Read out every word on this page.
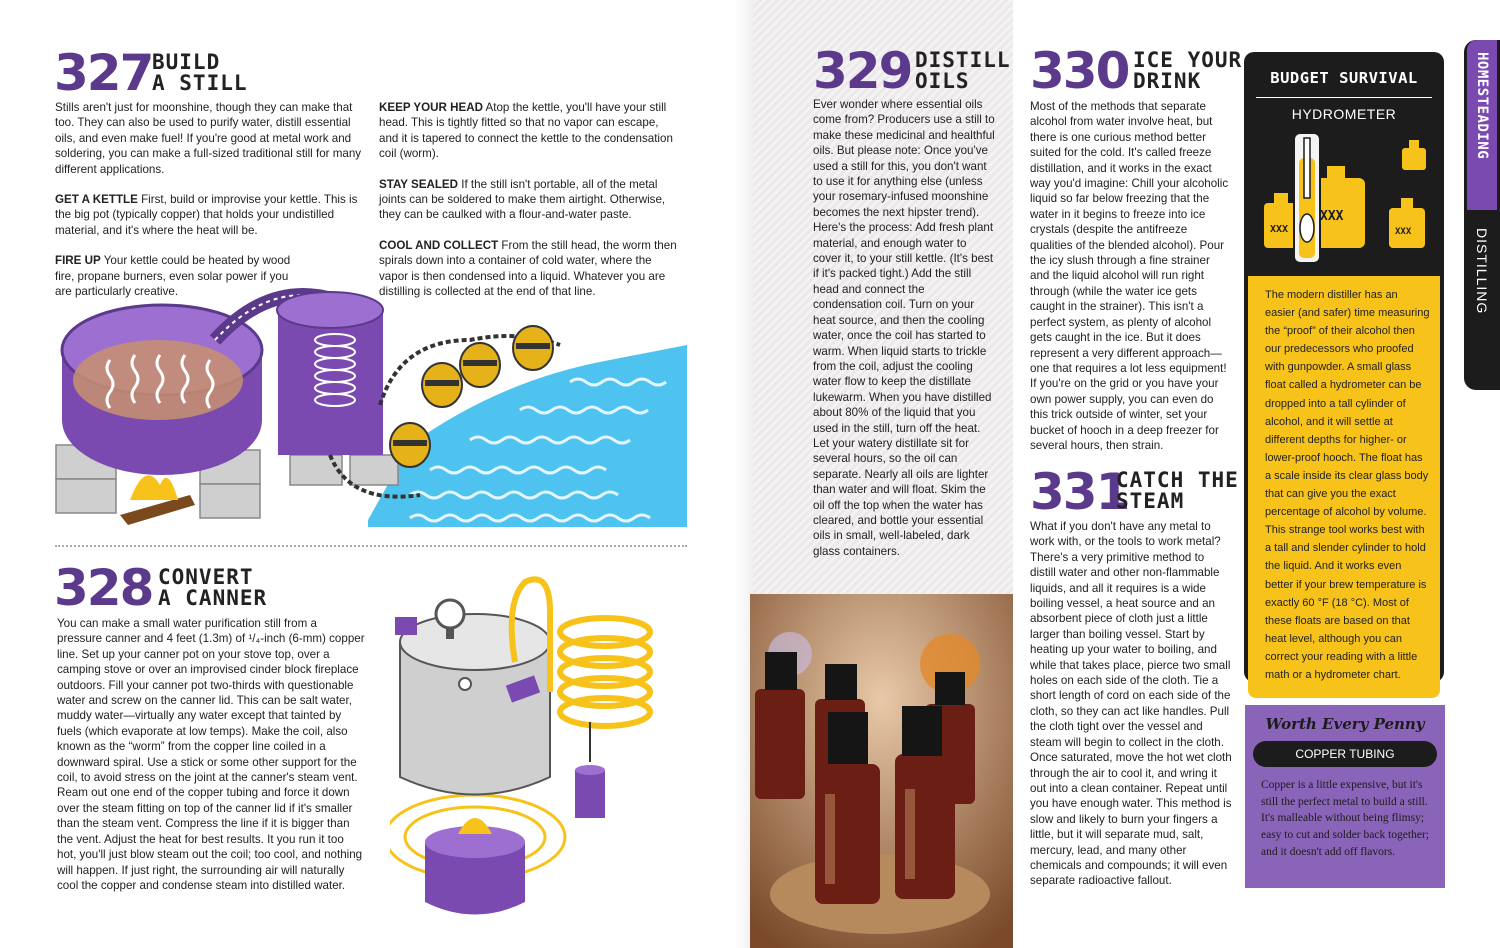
327 BUILD
A STILL

Stills aren't just for moonshine, though they can make that too. They can also be used to purify water, distill essential oils, and even make fuel! If you're good at metal work and soldering, you can make a full-sized traditional still for many different applications.

GET A KETTLE First, build or improvise your kettle. This is the big pot (typically copper) that holds your undistilled material, and it's where the heat will be.

FIRE UP Your kettle could be heated by wood fire, propane burners, even solar power if you are particularly creative.

KEEP YOUR HEAD Atop the kettle, you'll have your still head. This is tightly fitted so that no vapor can escape, and it is tapered to connect the kettle to the condensation coil (worm).

STAY SEALED If the still isn't portable, all of the metal joints can be soldered to make them airtight. Otherwise, they can be caulked with a flour-and-water paste.

COOL AND COLLECT From the still head, the worm then spirals down into a container of cold water, where the vapor is then condensed into a liquid. Whatever you are distilling is collected at the end of that line.

328 CONVERT
A CANNER
You can make a small water purification still from a pressure canner and 4 feet (1.3m) of ¹/₄-inch (6-mm) copper line. Set up your canner pot on your stove top, over a camping stove or over an improvised cinder block fireplace outdoors. Fill your canner pot two-thirds with questionable water and screw on the canner lid. This can be salt water, muddy water—virtually any water except that tainted by fuels (which evaporate at low temps). Make the coil, also known as the “worm” from the copper line coiled in a downward spiral. Use a stick or some other support for the coil, to avoid stress on the joint at the canner's steam vent. Ream out one end of the copper tubing and force it down over the steam fitting on top of the canner lid if it's smaller than the steam vent. Compress the line if it is bigger than the vent. Adjust the heat for best results. It you run it too hot, you'll just blow steam out the coil; too cool, and nothing will happen. If just right, the surrounding air will naturally cool the copper and condense steam into distilled water.
329 DISTILL
OILS
Ever wonder where essential oils come from? Producers use a still to make these medicinal and healthful oils. But please note: Once you've used a still for this, you don't want to use it for anything else (unless your rosemary-infused moonshine becomes the next hipster trend). Here's the process: Add fresh plant material, and enough water to cover it, to your still kettle. (It's best if it's packed tight.) Add the still head and connect the condensation coil. Turn on your heat source, and then the cooling water, once the coil has started to warm. When liquid starts to trickle from the coil, adjust the cooling water flow to keep the distillate lukewarm. When you have distilled about 80% of the liquid that you used in the still, turn off the heat. Let your watery distillate sit for several hours, so the oil can separate. Nearly all oils are lighter than water and will float. Skim the oil off the top when the water has cleared, and bottle your essential oils in small, well-labeled, dark glass containers.
330 ICE YOUR
DRINK
Most of the methods that separate alcohol from water involve heat, but there is one curious method better suited for the cold. It's called freeze distillation, and it works in the exact way you'd imagine: Chill your alcoholic liquid so far below freezing that the water in it begins to freeze into ice crystals (despite the antifreeze qualities of the blended alcohol). Pour the icy slush through a fine strainer and the liquid alcohol will run right through (while the water ice gets caught in the strainer). This isn't a perfect system, as plenty of alcohol gets caught in the ice. But it does represent a very different approach—one that requires a lot less equipment! If you're on the grid or you have your own power supply, you can even do this trick outside of winter, set your bucket of hooch in a deep freezer for several hours, then strain.
331
CATCH THE
STEAM
What if you don't have any metal to work with, or the tools to work metal? There's a very primitive method to distill water and other non-flammable liquids, and all it requires is a wide boiling vessel, a heat source and an absorbent piece of cloth just a little larger than boiling vessel. Start by heating up your water to boiling, and while that takes place, pierce two small holes on each side of the cloth. Tie a short length of cord on each side of the cloth, so they can act like handles. Pull the cloth tight over the vessel and steam will begin to collect in the cloth. Once saturated, move the hot wet cloth through the air to cool it, and wring it out into a clean container. Repeat until you have enough water. This method is slow and likely to burn your fingers a little, but it will separate mud, salt, mercury, lead, and many other chemicals and compounds; it will even separate radioactive fallout.
BUDGET SURVIVAL
HYDROMETER
XXX
XXX
XXX
The modern distiller has an easier (and safer) time measuring the “proof” of their alcohol then our predecessors who proofed with gunpowder. A small glass float called a hydrometer can be dropped into a tall cylinder of alcohol, and it will settle at different depths for higher- or lower-proof hooch. The float has a scale inside its clear glass body that can give you the exact percentage of alcohol by volume. This strange tool works best with a tall and slender cylinder to hold the liquid. And it works even better if your brew temperature is exactly 60 °F (18 °C). Most of these floats are based on that heat level, although you can correct your reading with a little math or a hydrometer chart.
Worth Every Penny
COPPER TUBING
Copper is a little expensive, but it's still the perfect metal to build a still. It's malleable without being flimsy; easy to cut and solder back together; and it doesn't add off flavors.
HOMESTEADING
DISTILLING
